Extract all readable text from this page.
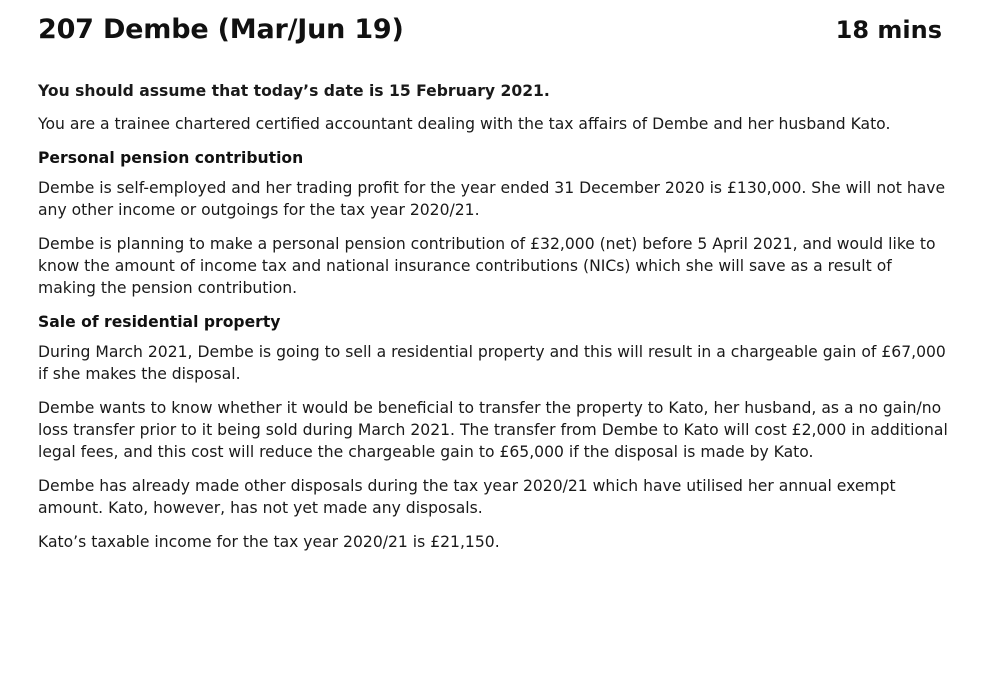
207 Dembe (Mar/Jun 19)	18 mins

You should assume that today’s date is 15 February 2021.

You are a trainee chartered certified accountant dealing with the tax affairs of Dembe and her husband Kato.

Personal pension contribution

Dembe is self-employed and her trading profit for the year ended 31 December 2020 is £130,000. She will not have any other income or outgoings for the tax year 2020/21.

Dembe is planning to make a personal pension contribution of £32,000 (net) before 5 April 2021, and would like to know the amount of income tax and national insurance contributions (NICs) which she will save as a result of making the pension contribution.

Sale of residential property

During March 2021, Dembe is going to sell a residential property and this will result in a chargeable gain of £67,000 if she makes the disposal.

Dembe wants to know whether it would be beneficial to transfer the property to Kato, her husband, as a no gain/no loss transfer prior to it being sold during March 2021. The transfer from Dembe to Kato will cost £2,000 in additional legal fees, and this cost will reduce the chargeable gain to £65,000 if the disposal is made by Kato.

Dembe has already made other disposals during the tax year 2020/21 which have utilised her annual exempt amount. Kato, however, has not yet made any disposals.

Kato’s taxable income for the tax year 2020/21 is £21,150.
